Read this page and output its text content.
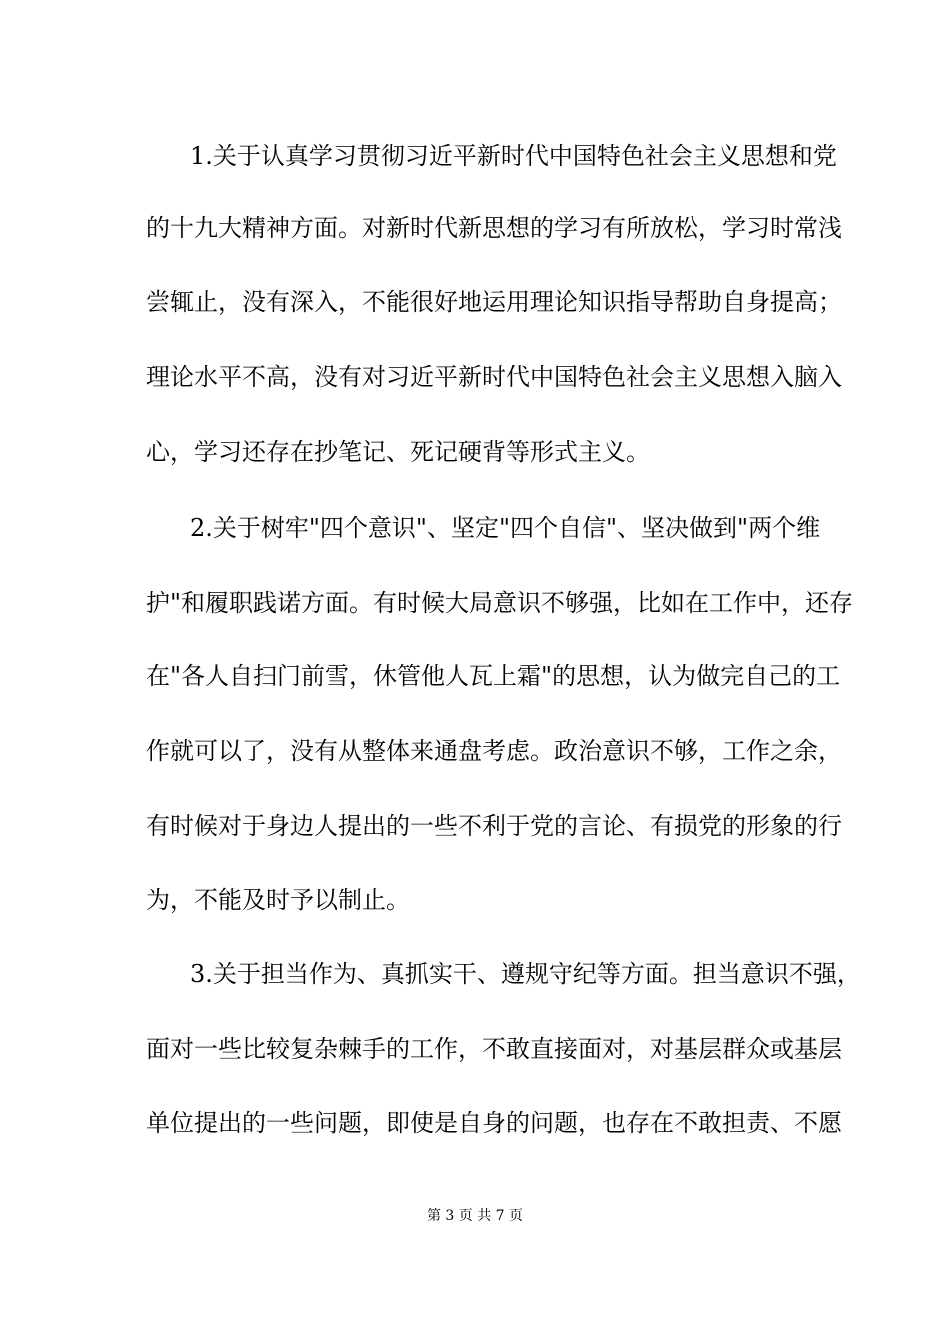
1.关于认真学习贯彻习近平新时代中国特色社会主义思想和党
的十九大精神方面。对新时代新思想的学习有所放松，学习时常浅
尝辄止，没有深入，不能很好地运用理论知识指导帮助自身提高；
理论水平不高，没有对习近平新时代中国特色社会主义思想入脑入
心，学习还存在抄笔记、死记硬背等形式主义。
2.关于树牢"四个意识"、坚定"四个自信"、坚决做到"两个维
护"和履职践诺方面。有时候大局意识不够强，比如在工作中，还存
在"各人自扫门前雪，休管他人瓦上霜"的思想，认为做完自己的工
作就可以了，没有从整体来通盘考虑。政治意识不够，工作之余，
有时候对于身边人提出的一些不利于党的言论、有损党的形象的行
为，不能及时予以制止。
3.关于担当作为、真抓实干、遵规守纪等方面。担当意识不强，
面对一些比较复杂棘手的工作，不敢直接面对，对基层群众或基层
单位提出的一些问题，即使是自身的问题，也存在不敢担责、不愿
第 3 页 共 7 页
